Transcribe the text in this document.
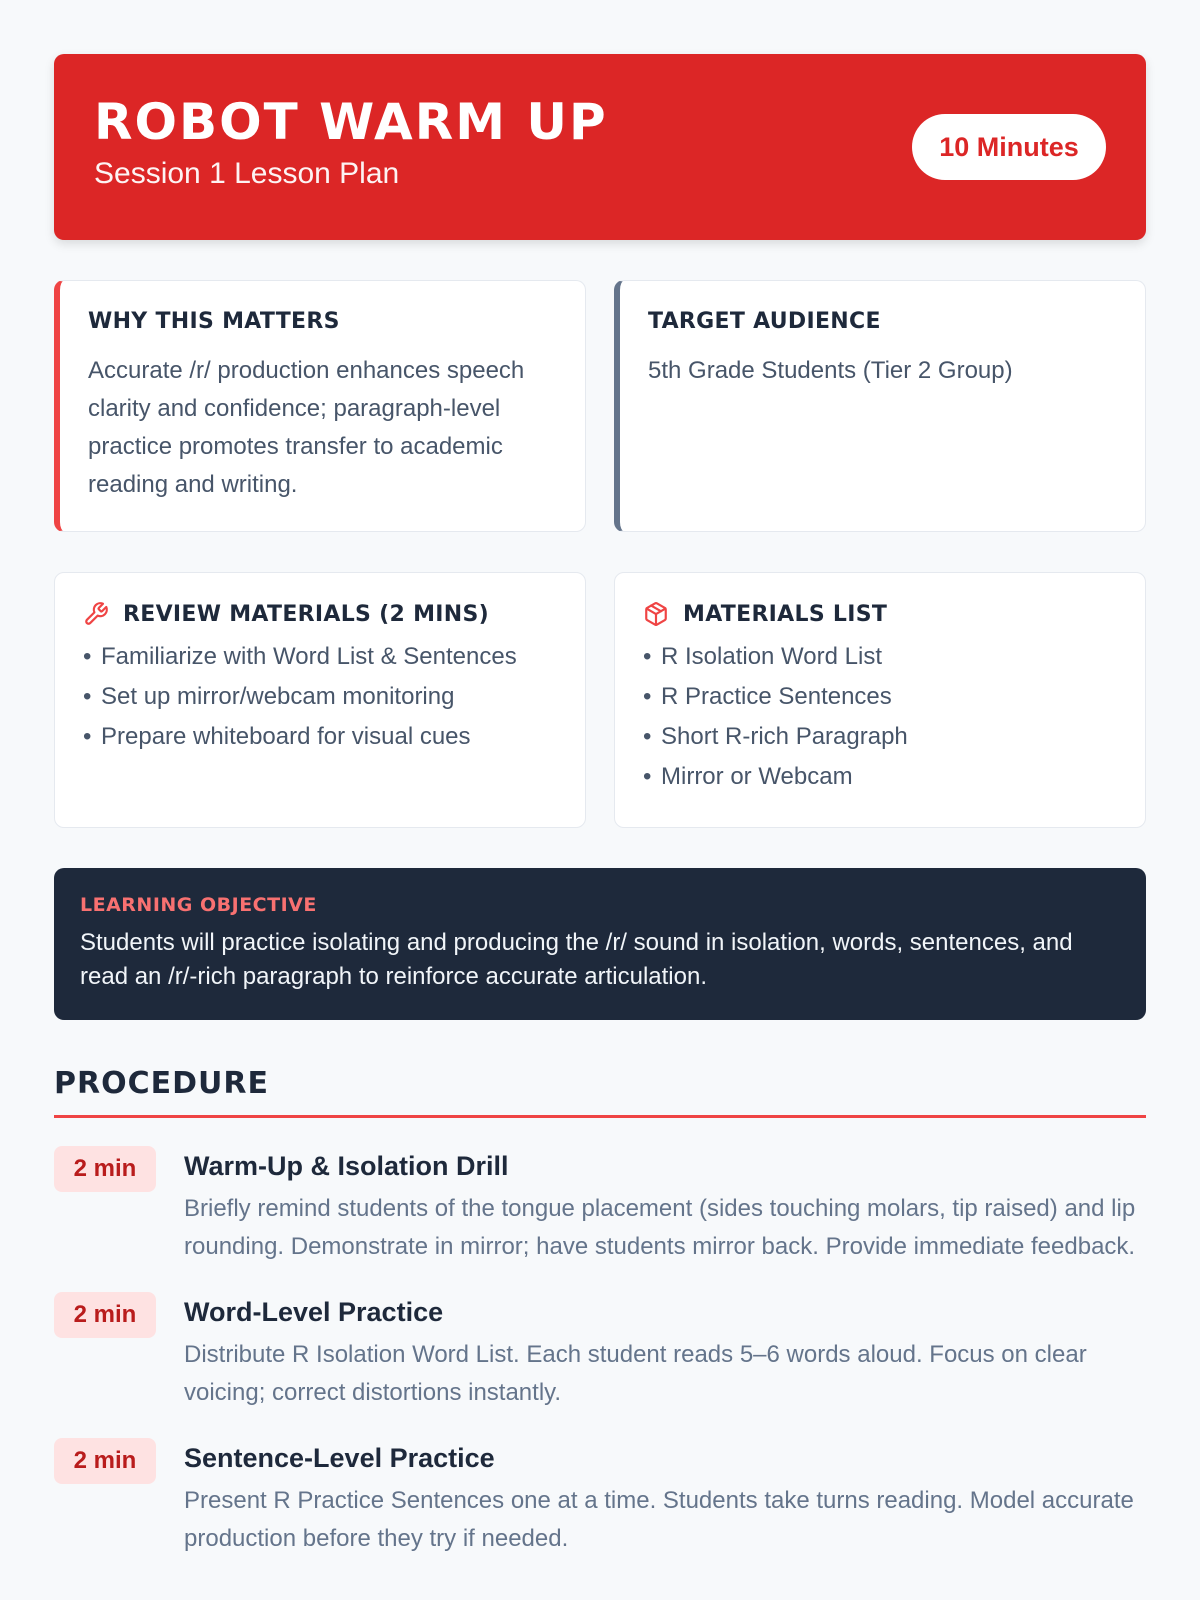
ROBOT WARM UP
Session 1 Lesson Plan
10 Minutes
WHY THIS MATTERS
Accurate /r/ production enhances speech clarity and confidence; paragraph-level practice promotes transfer to academic reading and writing.
TARGET AUDIENCE
5th Grade Students (Tier 2 Group)
REVIEW MATERIALS (2 MINS)
• Familiarize with Word List & Sentences
• Set up mirror/webcam monitoring
• Prepare whiteboard for visual cues
MATERIALS LIST
• R Isolation Word List
• R Practice Sentences
• Short R-rich Paragraph
• Mirror or Webcam
LEARNING OBJECTIVE
Students will practice isolating and producing the /r/ sound in isolation, words, sentences, and read an /r/-rich paragraph to reinforce accurate articulation.
PROCEDURE
2 min	Warm-Up & Isolation Drill
Briefly remind students of the tongue placement (sides touching molars, tip raised) and lip rounding. Demonstrate in mirror; have students mirror back. Provide immediate feedback.
2 min	Word-Level Practice
Distribute R Isolation Word List. Each student reads 5–6 words aloud. Focus on clear voicing; correct distortions instantly.
2 min	Sentence-Level Practice
Present R Practice Sentences one at a time. Students take turns reading. Model accurate production before they try if needed.
